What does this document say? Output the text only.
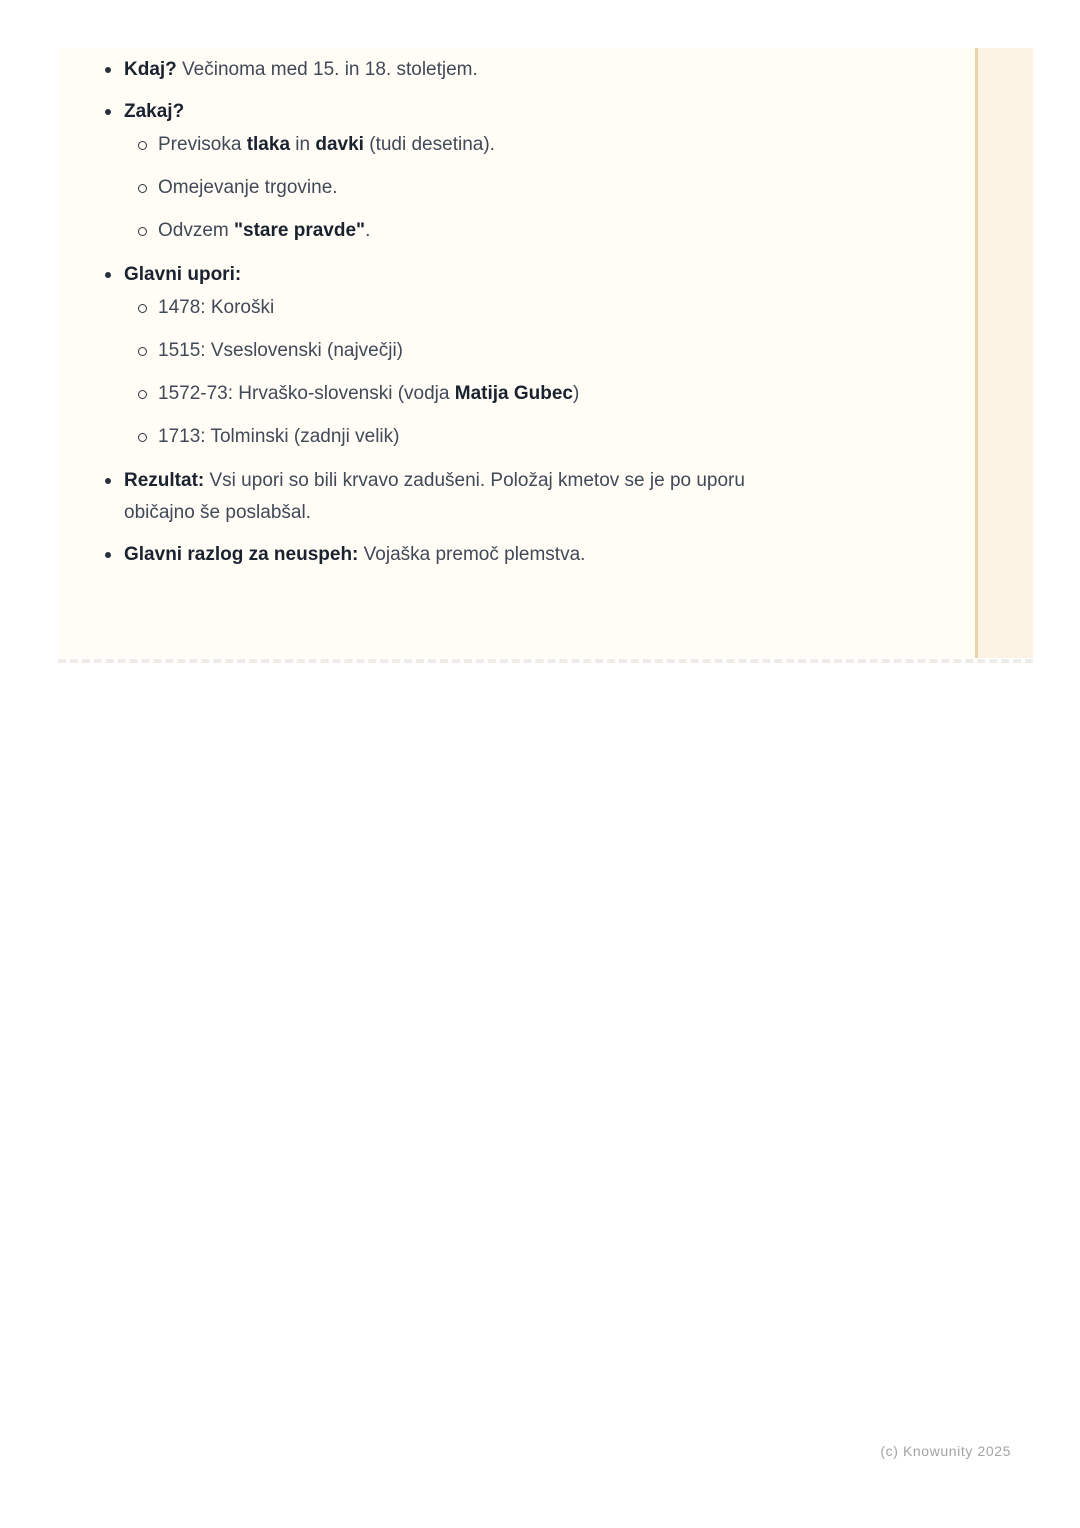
Kdaj? Večinoma med 15. in 18. stoletjem.
Zakaj?
Previsoka tlaka in davki (tudi desetina).
Omejevanje trgovine.
Odvzem "stare pravde".
Glavni upori:
1478: Koroški
1515: Vseslovenski (največji)
1572-73: Hrvaško-slovenski (vodja Matija Gubec)
1713: Tolminski (zadnji velik)
Rezultat: Vsi upori so bili krvavo zadušeni. Položaj kmetov se je po uporu običajno še poslabšal.
Glavni razlog za neuspeh: Vojaška premoč plemstva.
(c) Knowunity 2025
